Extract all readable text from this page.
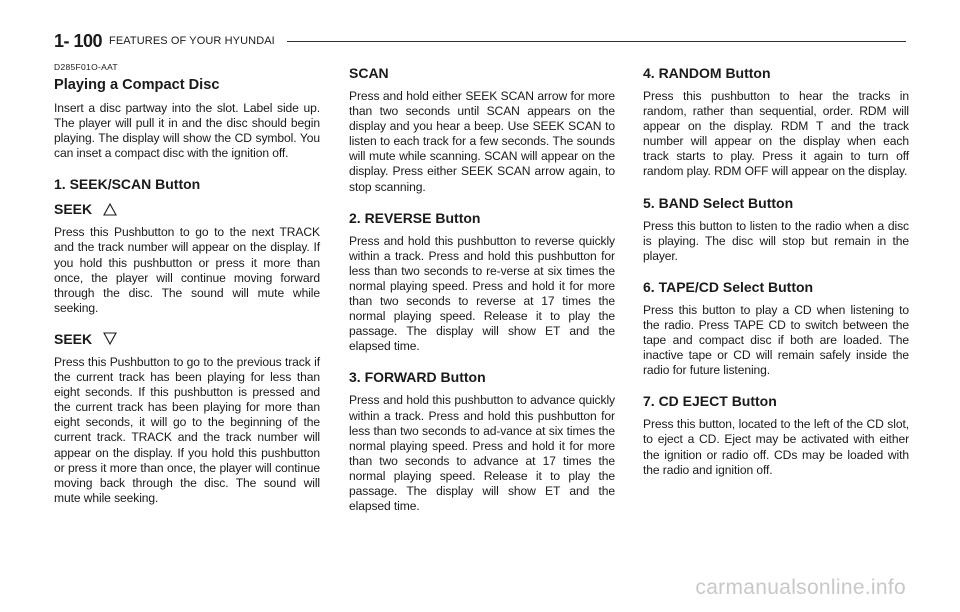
1- 100 FEATURES OF YOUR HYUNDAI
D285F01O-AAT
Playing a Compact Disc

Insert a disc partway into the slot. Label side up. The player will pull it in and the disc should begin playing. The display will show the CD symbol. You can inset a compact disc with the ignition off.

1. SEEK/SCAN Button
SEEK

Press this Pushbutton to go to the next TRACK and the track number will appear on the display. If you hold this pushbutton or press it more than once, the player will continue moving forward through the disc. The sound will mute while seeking.

SEEK

Press this Pushbutton to go to the previous track if the current track has been playing for less than eight seconds. If this pushbutton is pressed and the current track has been playing for more than eight seconds, it will go to the beginning of the current track. TRACK and the track number will appear on the display. If you hold this pushbutton or press it more than once, the player will continue moving back through the disc. The sound will mute while seeking.

SCAN

Press and hold either SEEK SCAN arrow for more than two seconds until SCAN appears on the display and you hear a beep. Use SEEK SCAN to listen to each track for a few seconds. The sounds will mute while scanning. SCAN will appear on the display. Press either SEEK SCAN arrow again, to stop scanning.

2. REVERSE Button

Press and hold this pushbutton to reverse quickly within a track. Press and hold this pushbutton for less than two seconds to re-verse at six times the normal playing speed. Press and hold it for more than two seconds to reverse at 17 times the normal playing speed. Release it to play the passage. The display will show ET and the elapsed time.

3. FORWARD Button

Press and hold this pushbutton to advance quickly within a track. Press and hold this pushbutton for less than two seconds to ad-vance at six times the normal playing speed. Press and hold it for more than two seconds to advance at 17 times the normal playing speed. Release it to play the passage. The display will show ET and the elapsed time.

4. RANDOM Button

Press this pushbutton to hear the tracks in random, rather than sequential, order. RDM will appear on the display. RDM T and the track number will appear on the display when each track starts to play. Press it again to turn off random play. RDM OFF will appear on the display.

5. BAND Select Button

Press this button to listen to the radio when a disc is playing. The disc will stop but remain in the player.

6. TAPE/CD Select Button

Press this button to play a CD when listening to the radio. Press TAPE CD to switch between the tape and compact disc if both are loaded. The inactive tape or CD will remain safely inside the radio for future listening.

7. CD EJECT Button

Press this button, located to the left of the CD slot, to eject a CD. Eject may be activated with either the ignition or radio off. CDs may be loaded with the radio and ignition off.

carmanualsonline.info
